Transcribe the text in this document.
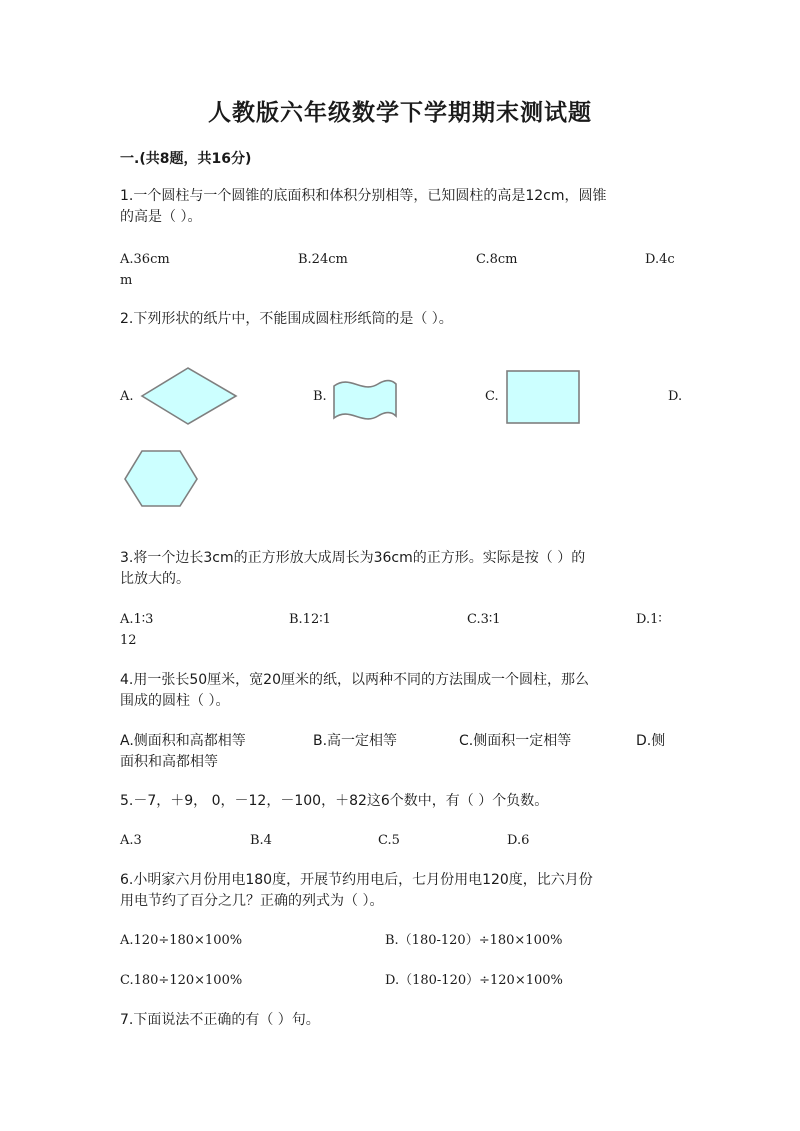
人教版六年级数学下学期期末测试题
一.(共8题，共16分)
1.一个圆柱与一个圆锥的底面积和体积分别相等，已知圆柱的高是12cm，圆锥
的高是（ ）。
A.36cm	B.24cm	C.8cm	D.4c
m
2.下列形状的纸片中，不能围成圆柱形纸筒的是（ ）。
A.	B.	C.	D.
3.将一个边长3cm的正方形放大成周长为36cm的正方形。实际是按（ ）的
比放大的。
A.1∶3	B.12∶1	C.3∶1	D.1∶
12
4.用一张长50厘米，宽20厘米的纸，以两种不同的方法围成一个圆柱，那么
围成的圆柱（ ）。
A.侧面积和高都相等	B.高一定相等	C.侧面积一定相等	D.侧
面积和高都相等
5.－7，＋9， 0，－12，－100，＋82这6个数中，有（ ）个负数。
A.3	B.4	C.5	D.6
6.小明家六月份用电180度，开展节约用电后，七月份用电120度，比六月份
用电节约了百分之几？正确的列式为（ ）。
A.120÷180×100%	B.（180-120）÷180×100%
C.180÷120×100%	D.（180-120）÷120×100%
7.下面说法不正确的有（ ）句。
